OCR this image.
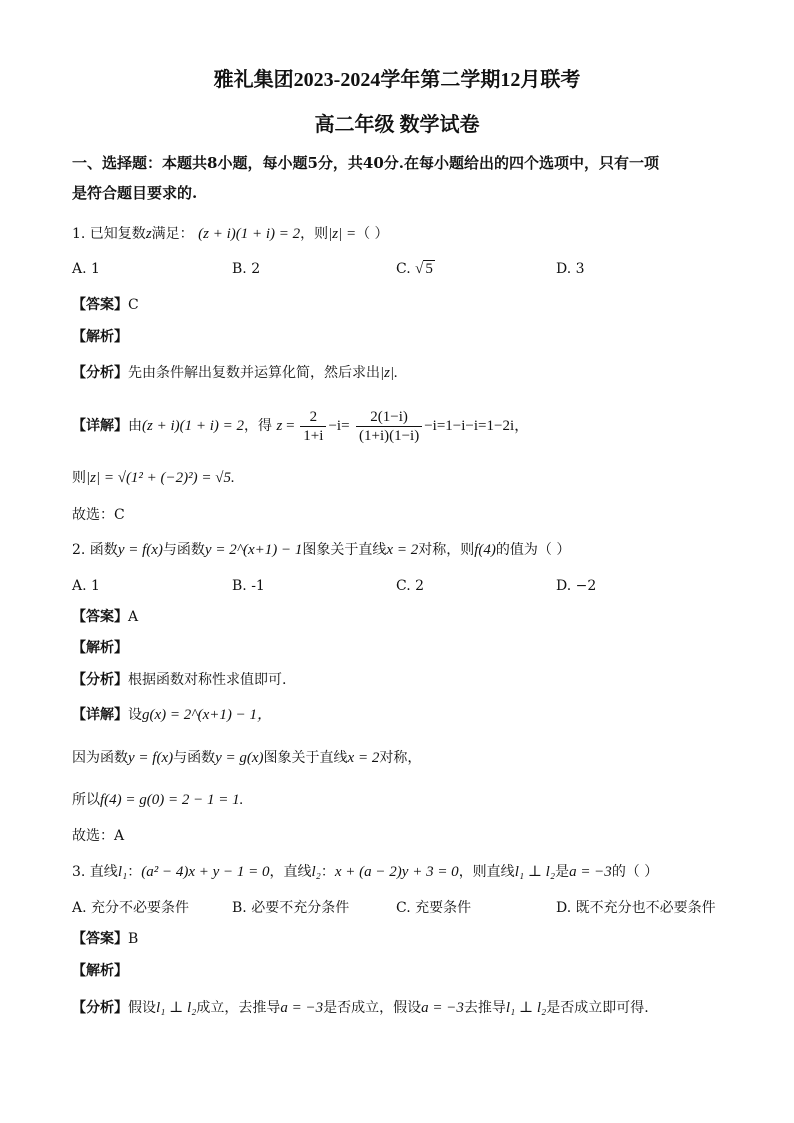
雅礼集团2023-2024学年第二学期12月联考
高二年级 数学试卷
一、选择题：本题共8小题，每小题5分，共40分.在每小题给出的四个选项中，只有一项
是符合题目要求的.
1. 已知复数z满足： (z + i)(1 + i) = 2，则|z| =（ ）
A. 1	B. 2	C. √ 5	D. 3
【答案】C
【解析】
【分析】先由条件解出复数并运算化简，然后求出|z|.
【详解】由(z + i)(1 + i) = 2，得 $z = \frac{2}{1+i} -i= \frac{2(1-i)}{(1+i)(1-i)} -i=1-i-i=1-2i$，
则|z| = √(1² + (−2)²) = √5.
故选：C
2. 函数y = f(x)与函数y = 2^(x+1) − 1图象关于直线x = 2对称，则f(4)的值为（ ）
A. 1	B. -1	C. 2	D. −2
【答案】A
【解析】
【分析】根据函数对称性求值即可.
【详解】设g(x) = 2^(x+1) − 1，
因为函数y = f(x)与函数y = g(x)图象关于直线x = 2对称，
所以f(4) = g(0) = 2 − 1 = 1.
故选：A
3. 直线l₁：(a² − 4)x + y − 1 = 0，直线l₂：x + (a − 2)y + 3 = 0，则直线l₁ ⊥ l₂是a = −3的（ ）
A. 充分不必要条件	B. 必要不充分条件	C. 充要条件	D. 既不充分也不必要条件
【答案】B
【解析】
【分析】假设l₁ ⊥ l₂成立，去推导a = −3是否成立，假设a = −3去推导l₁ ⊥ l₂是否成立即可得.
